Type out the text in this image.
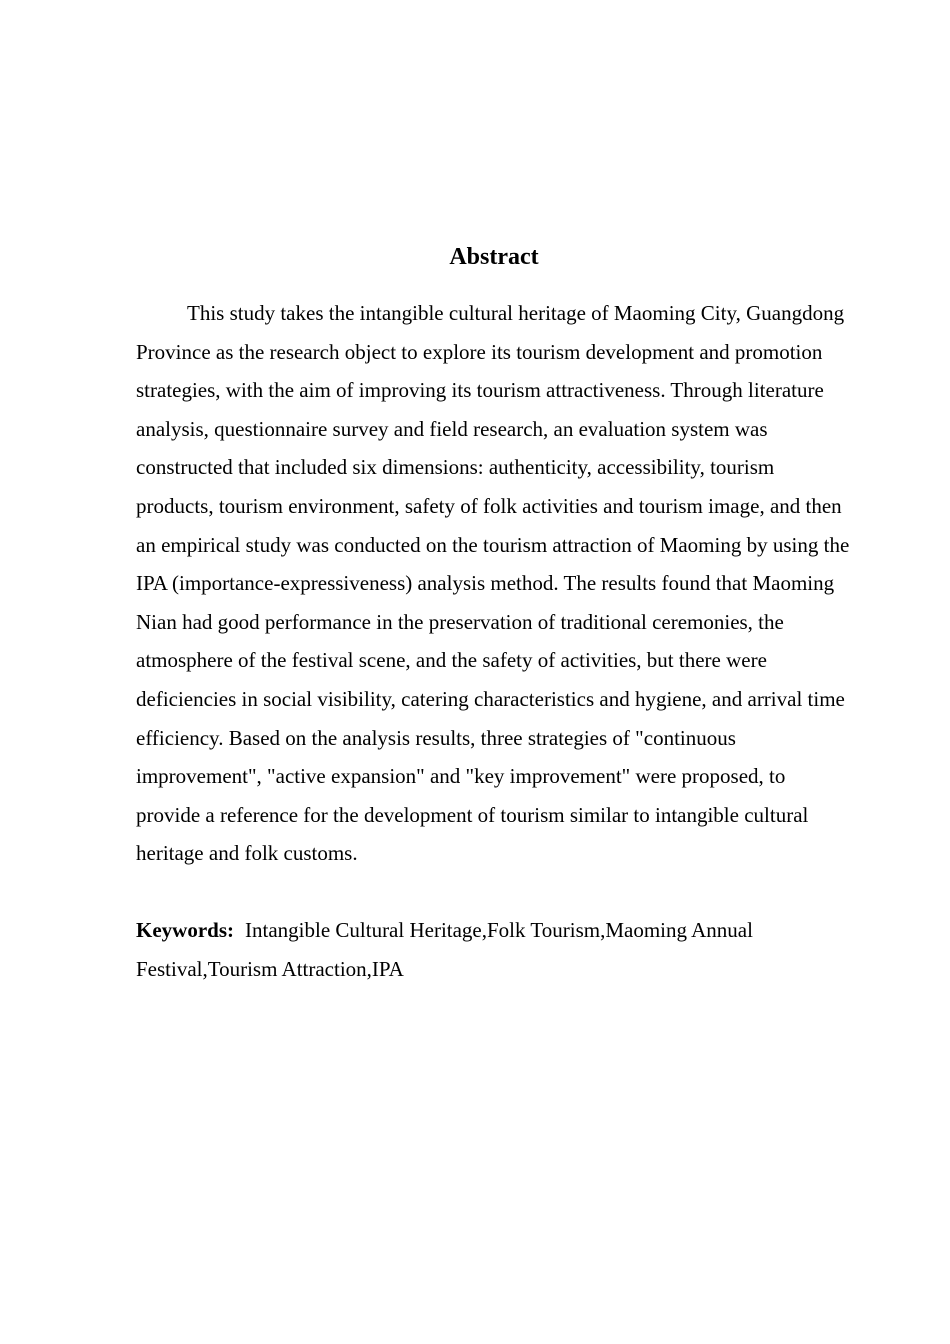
Abstract

This study takes the intangible cultural heritage of Maoming City, Guangdong Province as the research object to explore its tourism development and promotion strategies, with the aim of improving its tourism attractiveness. Through literature analysis, questionnaire survey and field research, an evaluation system was constructed that included six dimensions: authenticity, accessibility, tourism products, tourism environment, safety of folk activities and tourism image, and then an empirical study was conducted on the tourism attraction of Maoming by using the IPA (importance-expressiveness) analysis method. The results found that Maoming Nian had good performance in the preservation of traditional ceremonies, the atmosphere of the festival scene, and the safety of activities, but there were deficiencies in social visibility, catering characteristics and hygiene, and arrival time efficiency. Based on the analysis results, three strategies of "continuous improvement", "active expansion" and "key improvement" were proposed, to provide a reference for the development of tourism similar to intangible cultural heritage and folk customs.

Keywords: Intangible Cultural Heritage,Folk Tourism,Maoming Annual Festival,Tourism Attraction,IPA
